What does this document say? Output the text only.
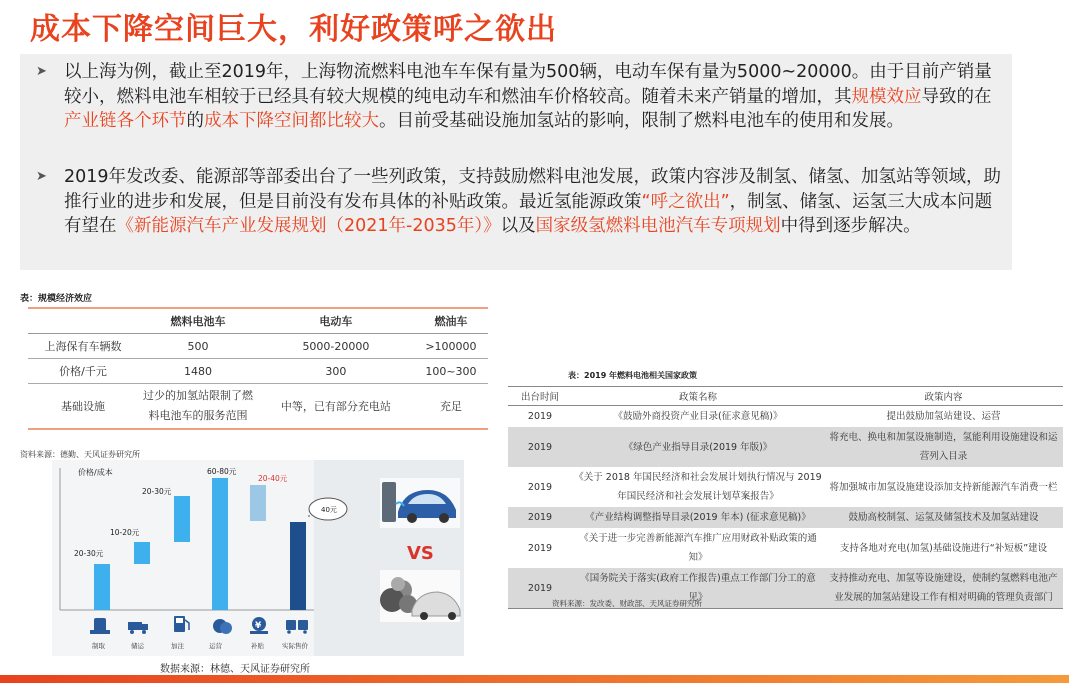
成本下降空间巨大，利好政策呼之欲出
➤ 以上海为例，截止至2019年，上海物流燃料电池车车保有量为500辆，电动车保有量为5000~20000。由于目前产销量较小，燃料电池车相较于已经具有较大规模的纯电动车和燃油车价格较高。随着未来产销量的增加，其规模效应导致的在产业链各个环节的成本下降空间都比较大。目前受基础设施加氢站的影响，限制了燃料电池车的使用和发展。
➤ 2019年发改委、能源部等部委出台了一些列政策，支持鼓励燃料电池发展，政策内容涉及制氢、储氢、加氢站等领域，助推行业的进步和发展，但是目前没有发布具体的补贴政策。最近氢能源政策“呼之欲出”，制氢、储氢、运氢三大成本问题有望在《新能源汽车产业发展规划（2021年-2035年）》以及国家级氢燃料电池汽车专项规划中得到逐步解决。
表：规模经济效应
	燃料电池车	电动车	燃油车
上海保有车辆数	500	5000-20000	>100000
价格/千元	1480	300	100~300
基础设施	过少的加氢站限制了燃料电池车的服务范围	中等，已有部分充电站	充足
资料来源：德勤、天风证券研究所
价格/成本
20-30元
10-20元
20-30元
60-80元
20-40元
40元
¥
制取	储运	加注	运营	补贴	实际售价
VS
数据来源：林德、天风证券研究所
表：2019 年燃料电池相关国家政策
出台时间	政策名称	政策内容
2019	《鼓励外商投资产业目录(征求意见稿)》	提出鼓励加氢站建设、运营
2019	《绿色产业指导目录(2019 年版)》	将充电、换电和加氢设施制造，氢能利用设施建设和运营列入目录
2019	《关于 2018 年国民经济和社会发展计划执行情况与 2019 年国民经济和社会发展计划草案报告》	将加强城市加氢设施建设添加支持新能源汽车消费一栏
2019	《产业结构调整指导目录(2019 年本) (征求意见稿)》	鼓励高校制氢、运氢及储氢技术及加氢站建设
2019	《关于进一步完善新能源汽车推广应用财政补贴政策的通知》	支持各地对充电(加氢)基础设施进行“补短板”建设
2019	《国务院关于落实(政府工作报告)重点工作部门分工的意见》	支持推动充电、加氢等设施建设，使制约氢燃料电池产业发展的加氢站建设工作有相对明确的管理负责部门
资料来源：发改委、财政部、天风证券研究所
